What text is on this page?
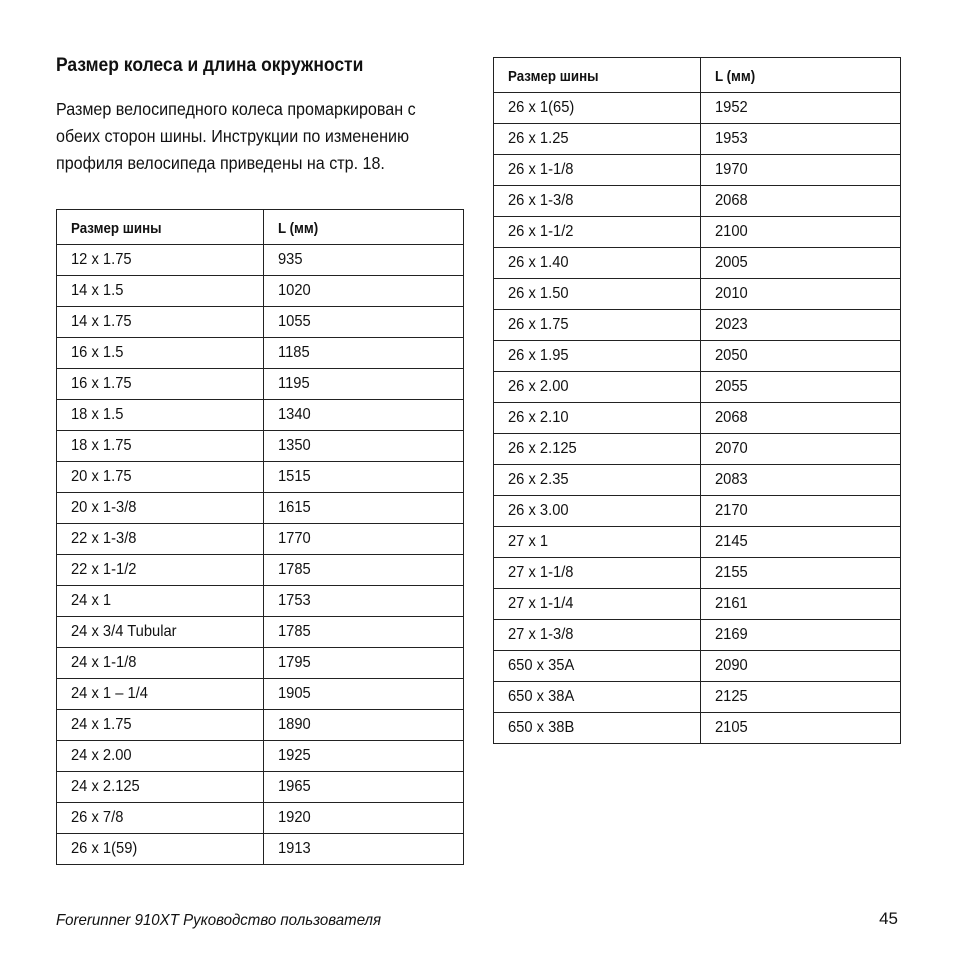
Размер колеса и длина окружности
Размер велосипедного колеса промаркирован с
обеих сторон шины. Инструкции по изменению
профиля велосипеда приведены на стр. 18.
Размер шины	L (мм)
12 x 1.75	935
14 x 1.5	1020
14 x 1.75	1055
16 x 1.5	1185
16 x 1.75	1195
18 x 1.5	1340
18 x 1.75	1350
20 x 1.75	1515
20 x 1-3/8	1615
22 x 1-3/8	1770
22 x 1-1/2	1785
24 x 1	1753
24 x 3/4 Tubular	1785
24 x 1-1/8	1795
24 x 1 – 1/4	1905
24 x 1.75	1890
24 x 2.00	1925
24 x 2.125	1965
26 x 7/8	1920
26 x 1(59)	1913
Размер шины	L (мм)
26 x 1(65)	1952
26 x 1.25	1953
26 x 1-1/8	1970
26 x 1-3/8	2068
26 x 1-1/2	2100
26 x 1.40	2005
26 x 1.50	2010
26 x 1.75	2023
26 x 1.95	2050
26 x 2.00	2055
26 x 2.10	2068
26 x 2.125	2070
26 x 2.35	2083
26 x 3.00	2170
27 x 1	2145
27 x 1-1/8	2155
27 x 1-1/4	2161
27 x 1-3/8	2169
650 x 35A	2090
650 x 38A	2125
650 x 38B	2105
Forerunner 910XT Руководство пользователя	45
